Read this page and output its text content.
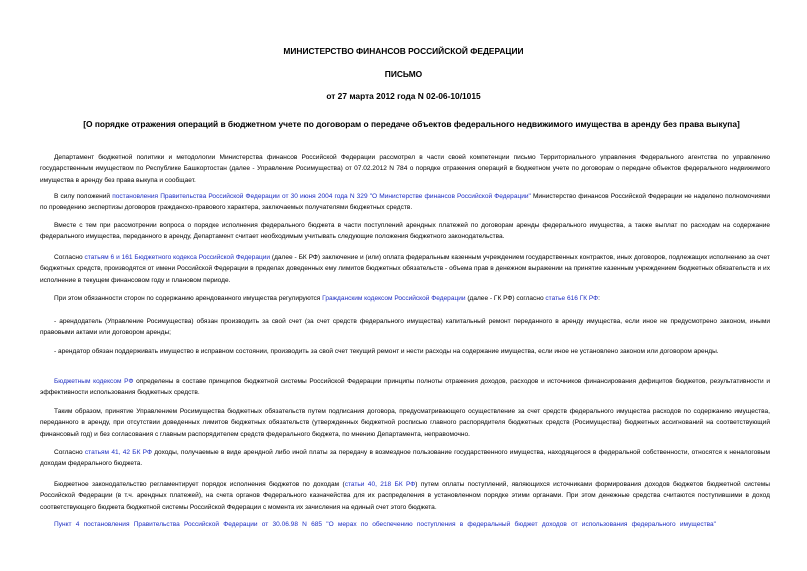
МИНИСТЕРСТВО ФИНАНСОВ РОССИЙСКОЙ ФЕДЕРАЦИИ
ПИСЬМО
от 27 марта 2012 года N 02-06-10/1015
[О порядке отражения операций в бюджетном учете по договорам о передаче объектов федерального недвижимого имущества в аренду без права выкупа]
Департамент бюджетной политики и методологии Министерства финансов Российской Федерации рассмотрел в части своей компетенции письмо Территориального управления Федерального агентства по управлению государственным имуществом по Республике Башкортостан (далее - Управление Росимущества) от 07.02.2012 N 784 о порядке отражения операций в бюджетном учете по договорам о передаче объектов федерального недвижимого имущества в аренду без права выкупа и сообщает.
В силу положений постановления Правительства Российской Федерации от 30 июня 2004 года N 329 "О Министерстве финансов Российской Федерации" Министерство финансов Российской Федерации не наделено полномочиями по проведению экспертизы договоров гражданско-правового характера, заключаемых получателями бюджетных средств.
Вместе с тем при рассмотрении вопроса о порядке исполнения федерального бюджета в части поступлений арендных платежей по договорам аренды федерального имущества, а также выплат по расходам на содержание федерального имущества, переданного в аренду, Департамент считает необходимым учитывать следующие положения бюджетного законодательства.
Согласно статьям 6 и 161 Бюджетного кодекса Российской Федерации (далее - БК РФ) заключение и (или) оплата федеральным казенным учреждением государственных контрактов, иных договоров, подлежащих исполнению за счет бюджетных средств, производятся от имени Российской Федерации в пределах доведенных ему лимитов бюджетных обязательств - объема прав в денежном выражении на принятие казенным учреждением бюджетных обязательств и их исполнение в текущем финансовом году и плановом периоде.
При этом обязанности сторон по содержанию арендованного имущества регулируются Гражданским кодексом Российской Федерации (далее - ГК РФ) согласно статье 616 ГК РФ:
- арендодатель (Управление Росимущества) обязан производить за свой счет (за счет средств федерального имущества) капитальный ремонт переданного в аренду имущества, если иное не предусмотрено законом, иными правовыми актами или договором аренды;
- арендатор обязан поддерживать имущество в исправном состоянии, производить за свой счет текущий ремонт и нести расходы на содержание имущества, если иное не установлено законом или договором аренды.
Бюджетным кодексом РФ определены в составе принципов бюджетной системы Российской Федерации принципы полноты отражения доходов, расходов и источников финансирования дефицитов бюджетов, результативности и эффективности использования бюджетных средств.
Таким образом, принятие Управлением Росимущества бюджетных обязательств путем подписания договора, предусматривающего осуществление за счет средств федерального имущества расходов по содержанию имущества, переданного в аренду, при отсутствии доведенных лимитов бюджетных обязательств (утвержденных бюджетной росписью главного распорядителя бюджетных средств (Росимущества) бюджетных ассигнований на соответствующий финансовый год) и без согласования с главным распорядителем средств федерального бюджета, по мнению Департамента, неправомочно.
Согласно статьям 41, 42 БК РФ доходы, получаемые в виде арендной либо иной платы за передачу в возмездное пользование государственного имущества, находящегося в федеральной собственности, относятся к неналоговым доходам федерального бюджета.
Бюджетное законодательство регламентирует порядок исполнения бюджетов по доходам (статьи 40, 218 БК РФ) путем оплаты поступлений, являющихся источниками формирования доходов бюджетов бюджетной системы Российской Федерации (в т.ч. арендных платежей), на счета органов Федерального казначейства для их распределения в установленном порядке этими органами. При этом денежные средства считаются поступившими в доход соответствующего бюджета бюджетной системы Российской Федерации с момента их зачисления на единый счет этого бюджета.
Пункт 4 постановления Правительства Российской Федерации от 30.06.98 N 685 "О мерах по обеспечению поступления в федеральный бюджет доходов от использования федерального имущества"
